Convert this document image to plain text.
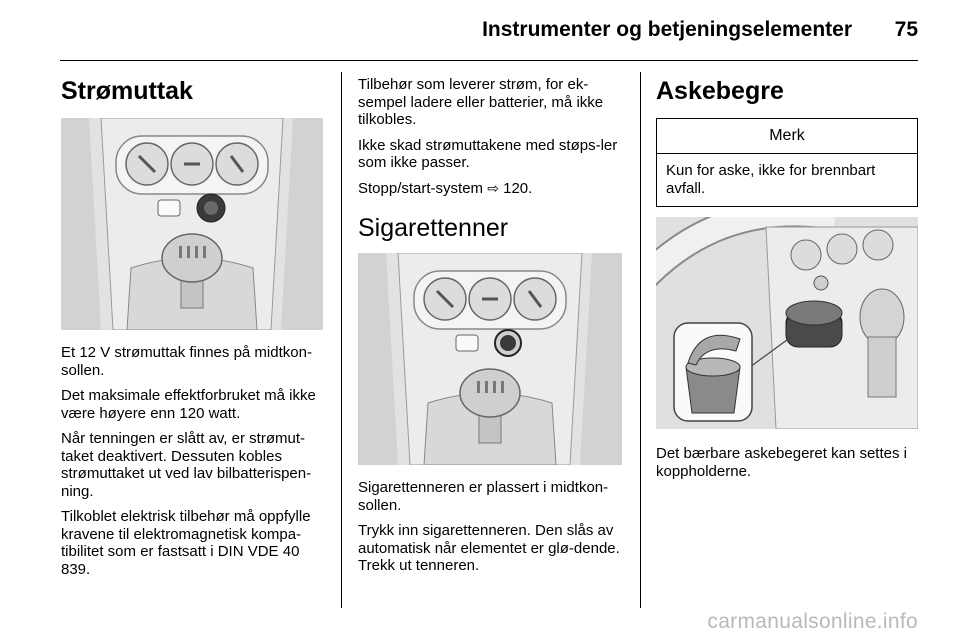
Instrumenter og betjeningselementer 75
Strømuttak

Et 12 V strømuttak finnes på midtkon-sollen.

Det maksimale effektforbruket må ikke være høyere enn 120 watt.

Når tenningen er slått av, er strømut-taket deaktivert. Dessuten kobles strømuttaket ut ved lav bilbatterispen-ning.

Tilkoblet elektrisk tilbehør må oppfylle kravene til elektromagnetisk kompa-tibilitet som er fastsatt i DIN VDE 40 839.

Tilbehør som leverer strøm, for ek-sempel ladere eller batterier, må ikke tilkobles.

Ikke skad strømuttakene med støps-ler som ikke passer.

Stopp/start-system ⇨ 120.

Sigarettenner

Sigarettenneren er plassert i midtkon-sollen.

Trykk inn sigarettenneren. Den slås av automatisk når elementet er glø-dende. Trekk ut tenneren.

Askebegre
Merk
Kun for aske, ikke for brennbart avfall.

Det bærbare askebegeret kan settes i koppholderne.

carmanualsonline.info
